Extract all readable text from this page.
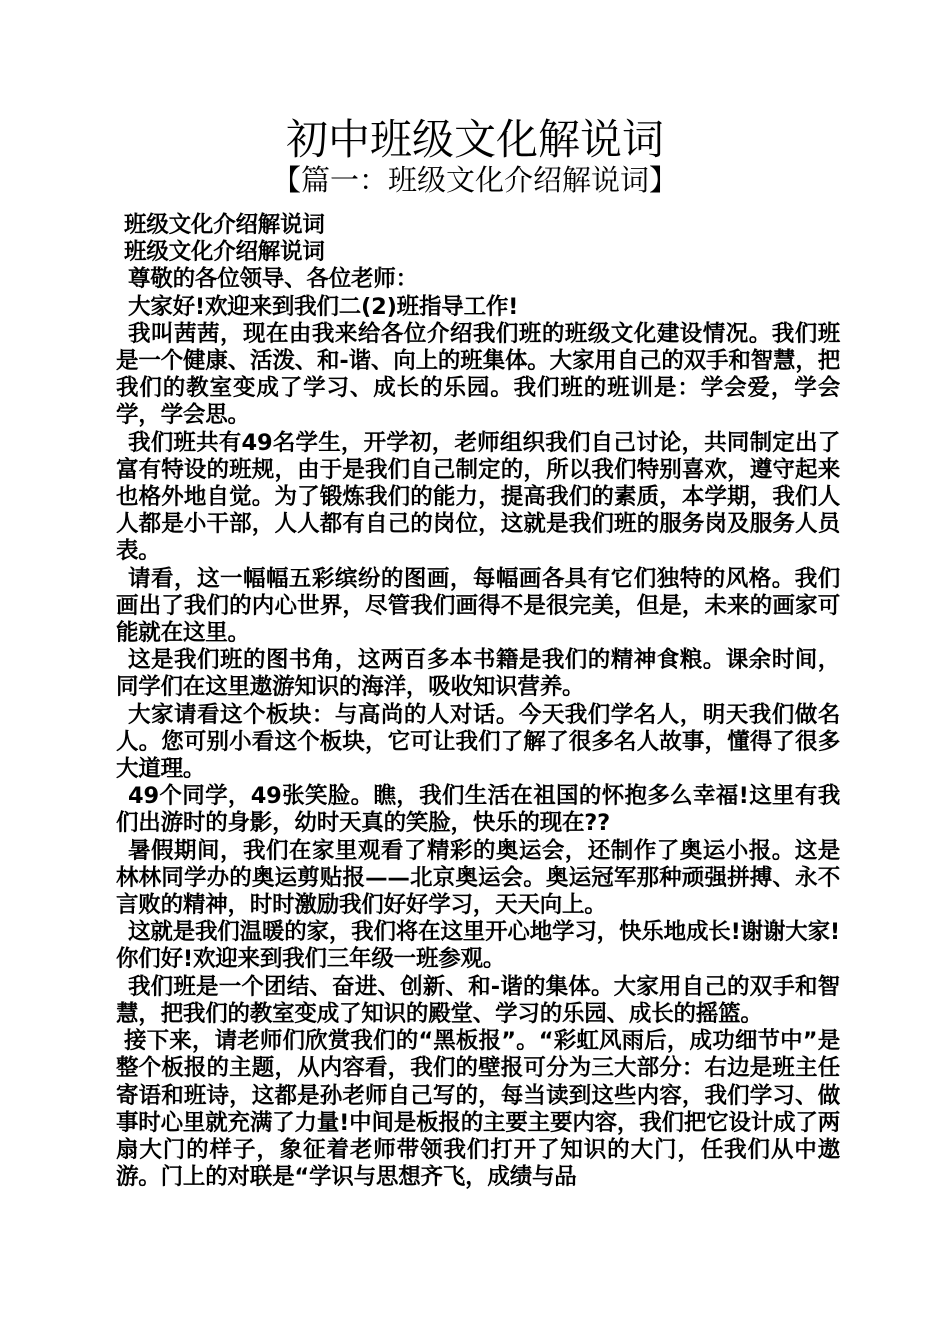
初中班级文化解说词
【篇一：班级文化介绍解说词】

班级文化介绍解说词

班级文化介绍解说词

尊敬的各位领导、各位老师：

大家好!欢迎来到我们二(2)班指导工作!

我叫茜茜，现在由我来给各位介绍我们班的班级文化建设情况。我们班是一个健康、活泼、和-谐、向上的班集体。大家用自己的双手和智慧，把我们的教室变成了学习、成长的乐园。我们班的班训是：学会爱，学会学，学会思。

我们班共有49名学生，开学初，老师组织我们自己讨论，共同制定出了富有特设的班规，由于是我们自己制定的，所以我们特别喜欢，遵守起来也格外地自觉。为了锻炼我们的能力，提高我们的素质，本学期，我们人人都是小干部，人人都有自己的岗位，这就是我们班的服务岗及服务人员表。

请看，这一幅幅五彩缤纷的图画，每幅画各具有它们独特的风格。我们画出了我们的内心世界，尽管我们画得不是很完美，但是，未来的画家可能就在这里。

这是我们班的图书角，这两百多本书籍是我们的精神食粮。课余时间，同学们在这里遨游知识的海洋，吸收知识营养。

大家请看这个板块：与高尚的人对话。今天我们学名人，明天我们做名人。您可别小看这个板块，它可让我们了解了很多名人故事，懂得了很多大道理。

49个同学，49张笑脸。瞧，我们生活在祖国的怀抱多么幸福!这里有我们出游时的身影，幼时天真的笑脸，快乐的现在??

暑假期间，我们在家里观看了精彩的奥运会，还制作了奥运小报。这是林林同学办的奥运剪贴报——北京奥运会。奥运冠军那种顽强拼搏、永不言败的精神，时时激励我们好好学习，天天向上。

这就是我们温暖的家，我们将在这里开心地学习，快乐地成长!谢谢大家! 你们好!欢迎来到我们三年级一班参观。

我们班是一个团结、奋进、创新、和-谐的集体。大家用自己的双手和智慧，把我们的教室变成了知识的殿堂、学习的乐园、成长的摇篮。

接下来，请老师们欣赏我们的“黑板报”。“彩虹风雨后，成功细节中”是整个板报的主题，从内容看，我们的壁报可分为三大部分：右边是班主任寄语和班诗，这都是孙老师自己写的，每当读到这些内容，我们学习、做事时心里就充满了力量!中间是板报的主要主要内容，我们把它设计成了两扇大门的样子，象征着老师带领我们打开了知识的大门，任我们从中遨游。门上的对联是“学识与思想齐飞，成绩与品
